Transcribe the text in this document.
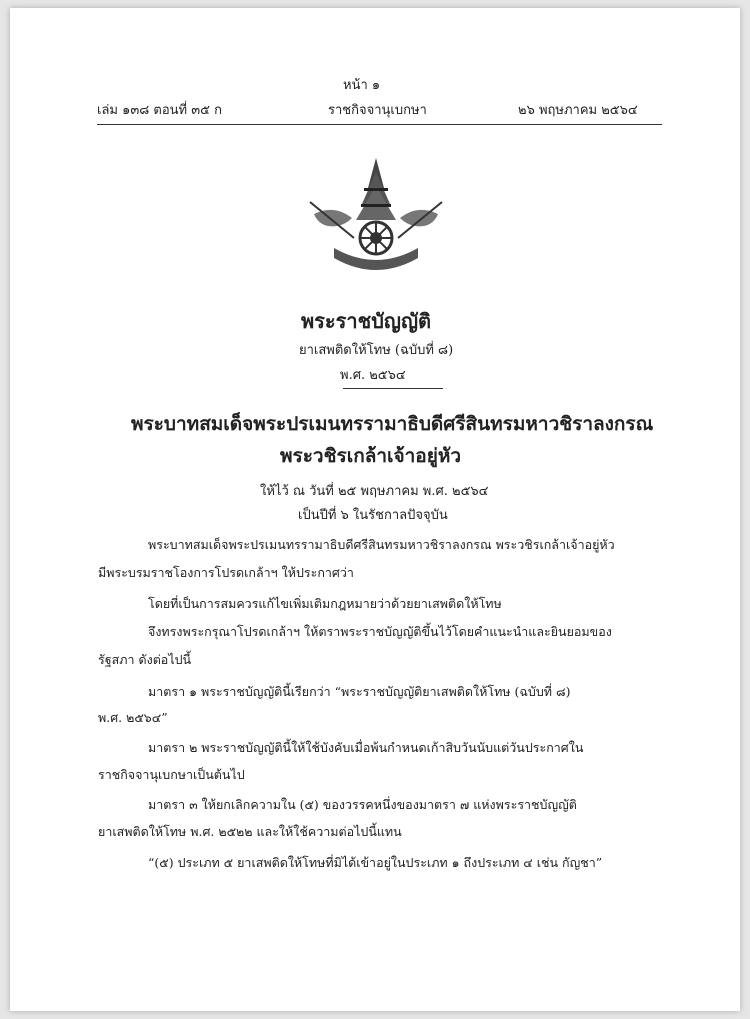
หน้า ๑
เล่ม ๑๓๘ ตอนที่ ๓๕ ก	ราชกิจจานุเบกษา	๒๖ พฤษภาคม ๒๕๖๔
พระราชบัญญัติ
ยาเสพติดให้โทษ (ฉบับที่ ๘)
พ.ศ. ๒๕๖๔
พระบาทสมเด็จพระปรเมนทรรามาธิบดีศรีสินทรมหาวชิราลงกรณ
พระวชิรเกล้าเจ้าอยู่หัว
ให้ไว้ ณ วันที่ ๒๕ พฤษภาคม พ.ศ. ๒๕๖๔
เป็นปีที่ ๖ ในรัชกาลปัจจุบัน
พระบาทสมเด็จพระปรเมนทรรามาธิบดีศรีสินทรมหาวชิราลงกรณ พระวชิรเกล้าเจ้าอยู่หัว
มีพระบรมราชโองการโปรดเกล้าฯ ให้ประกาศว่า
โดยที่เป็นการสมควรแก้ไขเพิ่มเติมกฎหมายว่าด้วยยาเสพติดให้โทษ
จึงทรงพระกรุณาโปรดเกล้าฯ ให้ตราพระราชบัญญัติขึ้นไว้โดยคำแนะนำและยินยอมของ
รัฐสภา ดังต่อไปนี้
มาตรา ๑ พระราชบัญญัตินี้เรียกว่า “พระราชบัญญัติยาเสพติดให้โทษ (ฉบับที่ ๘)
พ.ศ. ๒๕๖๔”
มาตรา ๒ พระราชบัญญัตินี้ให้ใช้บังคับเมื่อพ้นกำหนดเก้าสิบวันนับแต่วันประกาศใน
ราชกิจจานุเบกษาเป็นต้นไป
มาตรา ๓ ให้ยกเลิกความใน (๕) ของวรรคหนึ่งของมาตรา ๗ แห่งพระราชบัญญัติ
ยาเสพติดให้โทษ พ.ศ. ๒๕๒๒ และให้ใช้ความต่อไปนี้แทน
“(๕) ประเภท ๕ ยาเสพติดให้โทษที่มิได้เข้าอยู่ในประเภท ๑ ถึงประเภท ๔ เช่น กัญชา”
